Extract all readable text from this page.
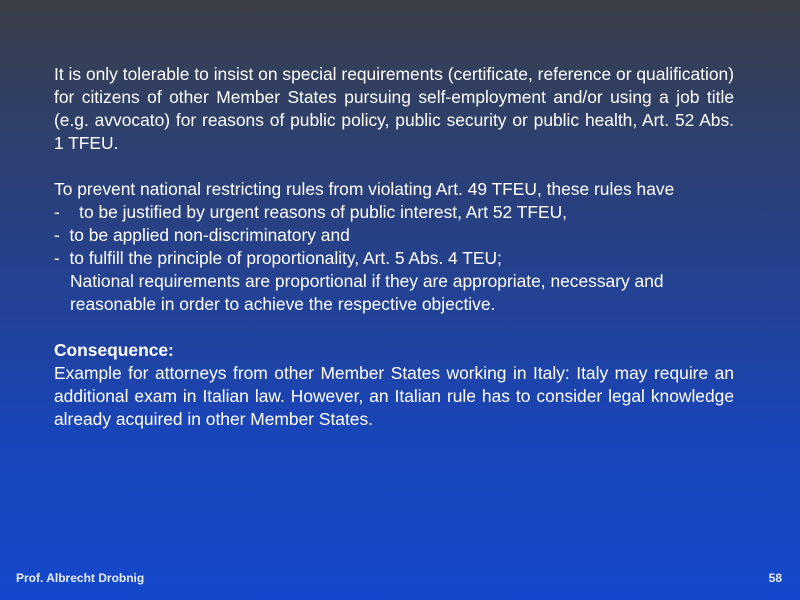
It is only tolerable to insist on special requirements (certificate, reference or qualification) for citizens of other Member States pursuing self-employment and/or using a job title (e.g. avvocato) for reasons of public policy, public security or public health, Art. 52 Abs. 1 TFEU.

To prevent national restricting rules from violating Art. 49 TFEU, these rules have

-    to be justified by urgent reasons of public interest, Art 52 TFEU,

-  to be applied non-discriminatory and

-  to fulfill the principle of proportionality, Art. 5 Abs. 4 TEU;

National requirements are proportional if they are appropriate, necessary and reasonable in order to achieve the respective objective.

Consequence:

Example for attorneys from other Member States working in Italy: Italy may require an additional exam in Italian law. However, an Italian rule has to consider legal knowledge already acquired in other Member States.

Prof. Albrecht Drobnig	58
